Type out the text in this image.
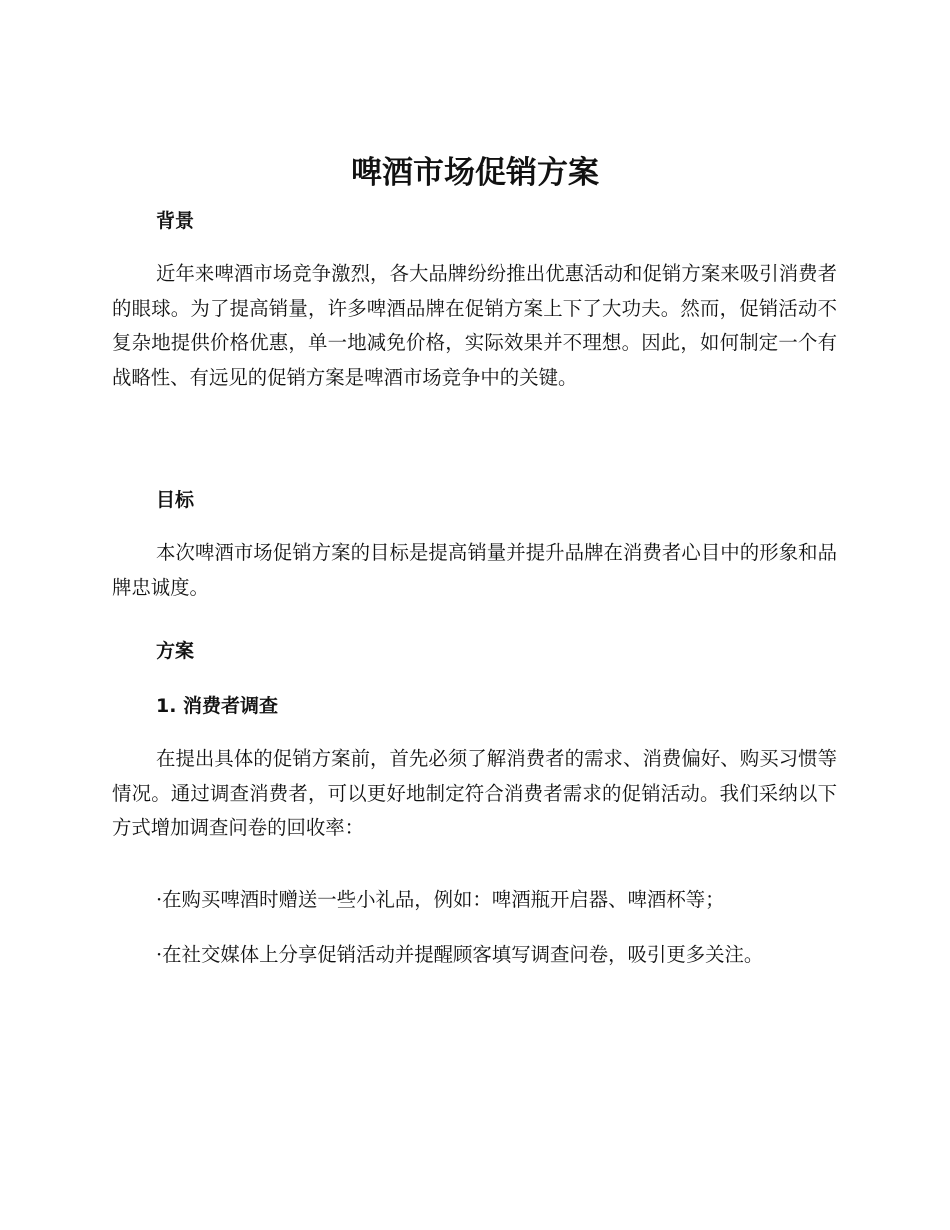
啤酒市场促销方案
背景
近年来啤酒市场竞争激烈，各大品牌纷纷推出优惠活动和促销方案来吸引消费者的眼球。为了提高销量，许多啤酒品牌在促销方案上下了大功夫。然而，促销活动不复杂地提供价格优惠，单一地减免价格，实际效果并不理想。因此，如何制定一个有战略性、有远见的促销方案是啤酒市场竞争中的关键。
目标
本次啤酒市场促销方案的目标是提高销量并提升品牌在消费者心目中的形象和品牌忠诚度。
方案
1. 消费者调查
在提出具体的促销方案前，首先必须了解消费者的需求、消费偏好、购买习惯等情况。通过调查消费者，可以更好地制定符合消费者需求的促销活动。我们采纳以下方式增加调查问卷的回收率：
·在购买啤酒时赠送一些小礼品，例如：啤酒瓶开启器、啤酒杯等；
·在社交媒体上分享促销活动并提醒顾客填写调查问卷，吸引更多关注。
